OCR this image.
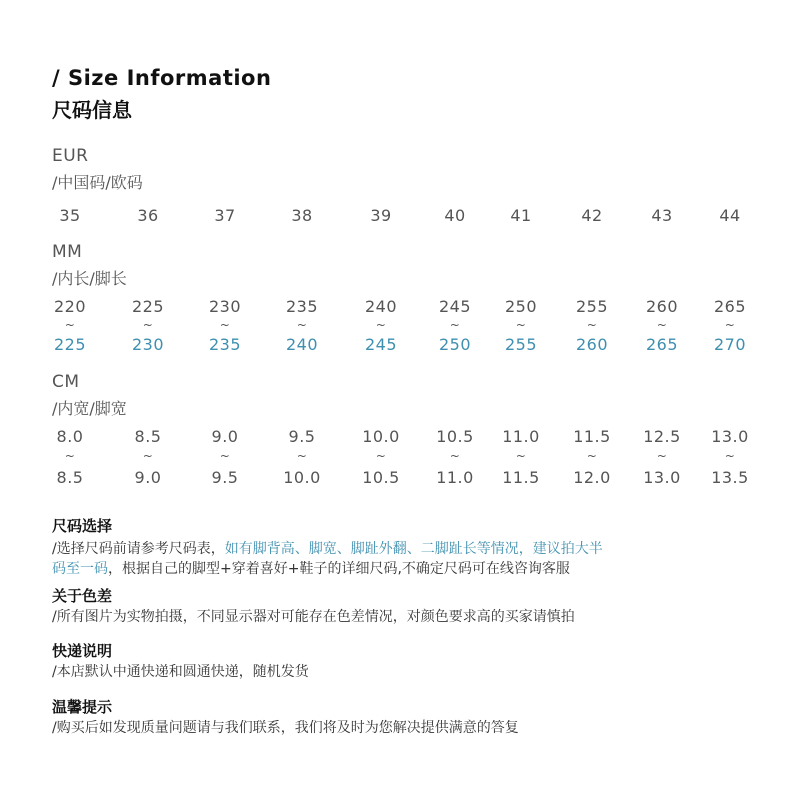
/ Size Information
尺码信息
EUR
/中国码/欧码
35	36	37	38	39	40	41	42	43	44
MM
/内长/脚长
220	225	230	235	240	245	250	255	260	265
~	~	~	~	~	~	~	~	~	~
225	230	235	240	245	250	255	260	265	270
CM
/内宽/脚宽
8.0	8.5	9.0	9.5	10.0	10.5	11.0	11.5	12.5	13.0
~	~	~	~	~	~	~	~	~	~
8.5	9.0	9.5	10.0	10.5	11.0	11.5	12.0	13.0	13.5
尺码选择
/选择尺码前请参考尺码表，如有脚背高、脚宽、脚趾外翻、二脚趾长等情况，建议拍大半
码至一码，根据自己的脚型+穿着喜好+鞋子的详细尺码,不确定尺码可在线咨询客服
关于色差
/所有图片为实物拍摄，不同显示器对可能存在色差情况，对颜色要求高的买家请慎拍
快递说明
/本店默认中通快递和圆通快递，随机发货
温馨提示
/购买后如发现质量问题请与我们联系，我们将及时为您解决提供满意的答复
